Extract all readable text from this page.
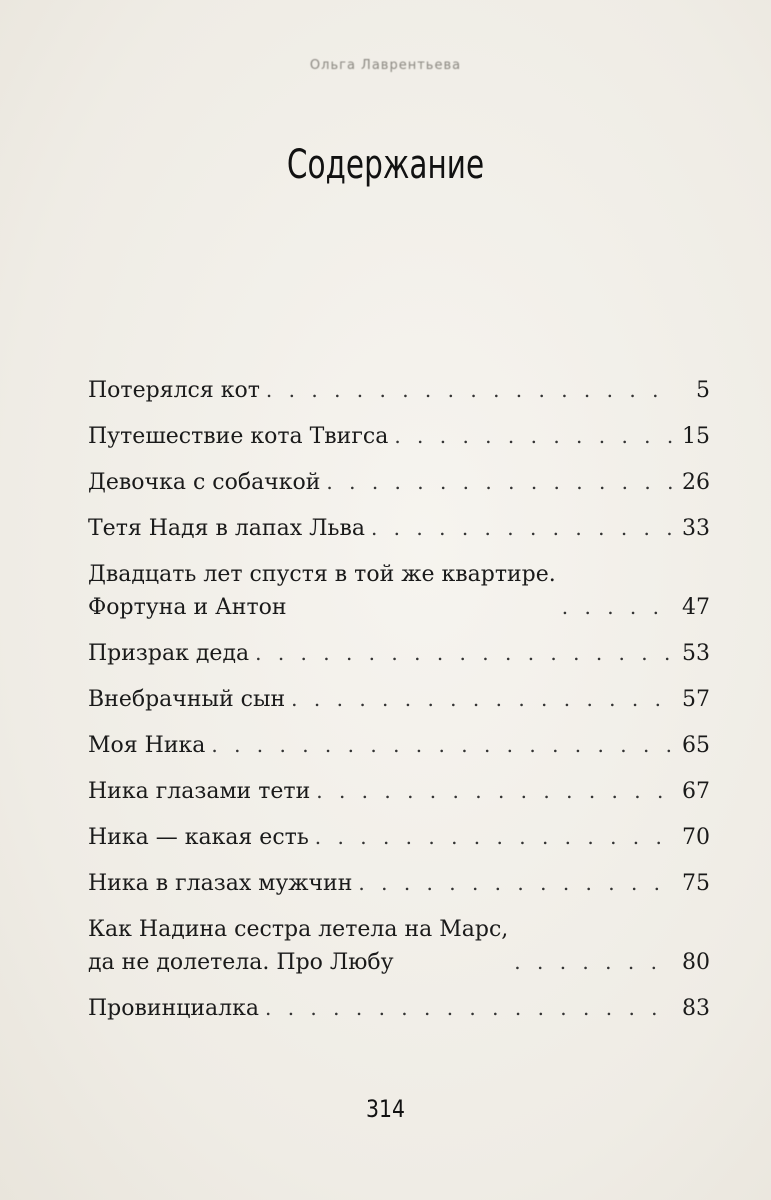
Ольга Лаврентьева
Содержание
Потерялся кот . . .	5
Путешествие кота Твигса . . .	15
Девочка с собачкой . . .	26
Тетя Надя в лапах Льва . . .	33
Двадцать лет спустя в той же квартире.
Фортуна и Антон . . .	47
Призрак деда . . .	53
Внебрачный сын . . .	57
Моя Ника . . .	65
Ника глазами тети . . .	67
Ника — какая есть . . .	70
Ника в глазах мужчин . . .	75
Как Надина сестра летела на Марс,
да не долетела. Про Любу . . .	80
Провинциалка . . .	83
314
